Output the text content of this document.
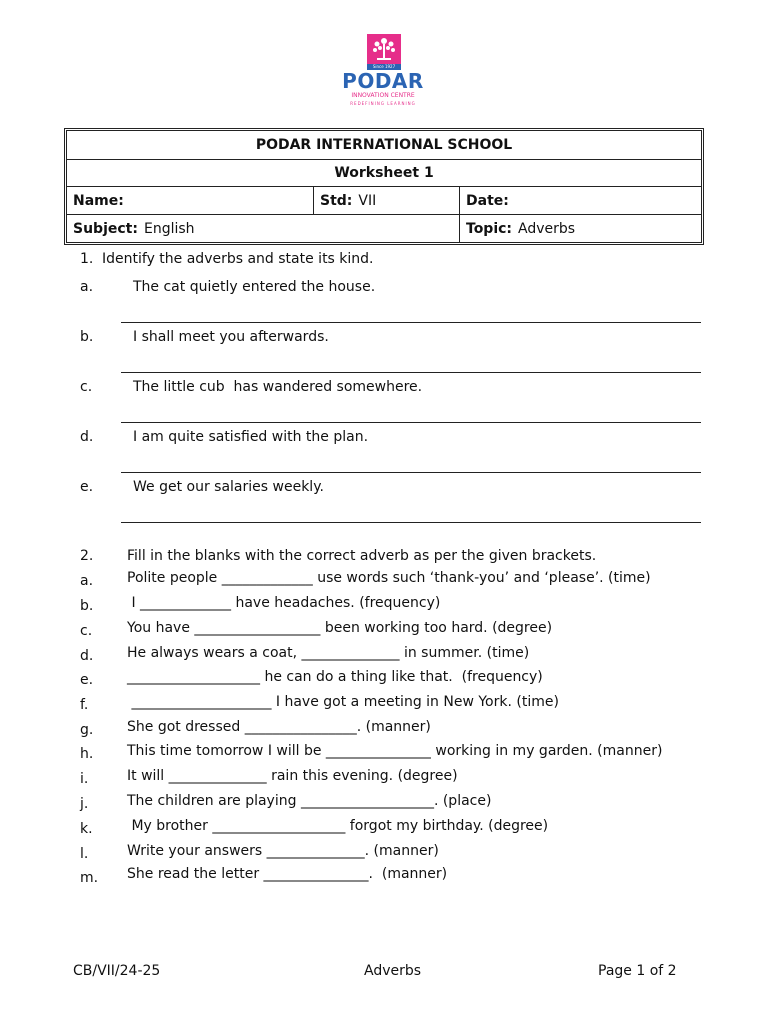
Since 1927
PODAR
INNOVATION CENTRE
REDEFINING LEARNING
PODAR INTERNATIONAL SCHOOL
Worksheet 1
Name:	Std: VII	Date:
Subject: English	Topic: Adverbs
1. Identify the adverbs and state its kind.
a.	The cat quietly entered the house.
b.	I shall meet you afterwards.
c.	The little cub  has wandered somewhere.
d.	I am quite satisfied with the plan.
e.	We get our salaries weekly.
2. Fill in the blanks with the correct adverb as per the given brackets.
a. Polite people _____________ use words such ‘thank-you’ and ‘please’. (time)
b. I _____________ have headaches. (frequency)
c. You have __________________ been working too hard. (degree)
d. He always wears a coat, ______________ in summer. (time)
e. ___________________ he can do a thing like that.  (frequency)
f.	____________________ I have got a meeting in New York. (time)
g. She got dressed ________________. (manner)
h. This time tomorrow I will be _______________ working in my garden. (manner)
i.	It will ______________ rain this evening. (degree)
j.	The children are playing ___________________. (place)
k. My brother ___________________ forgot my birthday. (degree)
l.	Write your answers ______________. (manner)
m. She read the letter _______________.  (manner)
CB/VII/24-25	Adverbs	Page 1 of 2
